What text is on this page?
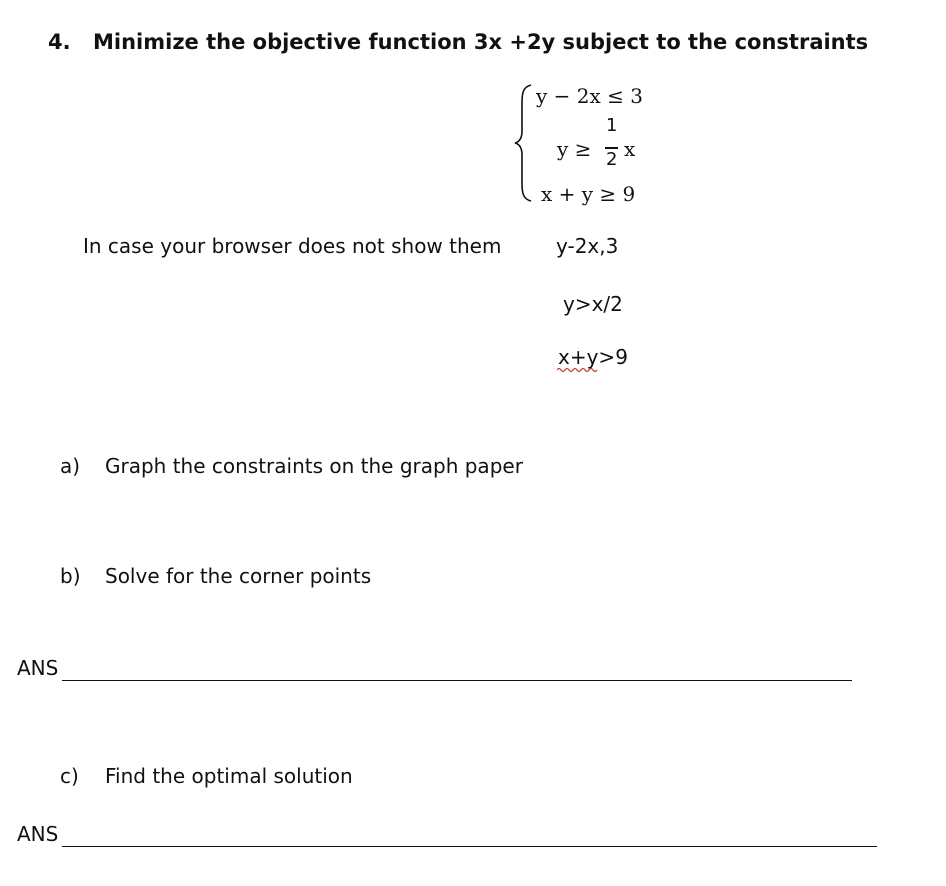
4. Minimize the objective function 3x +2y subject to the constraints
y − 2x ≤ 3
y ≥
1
2 x
x + y ≥ 9
In case your browser does not show them	y-2x,3
y>x/2
x+y>9
a) Graph the constraints on the graph paper
b) Solve for the corner points
ANS
c) Find the optimal solution
ANS
